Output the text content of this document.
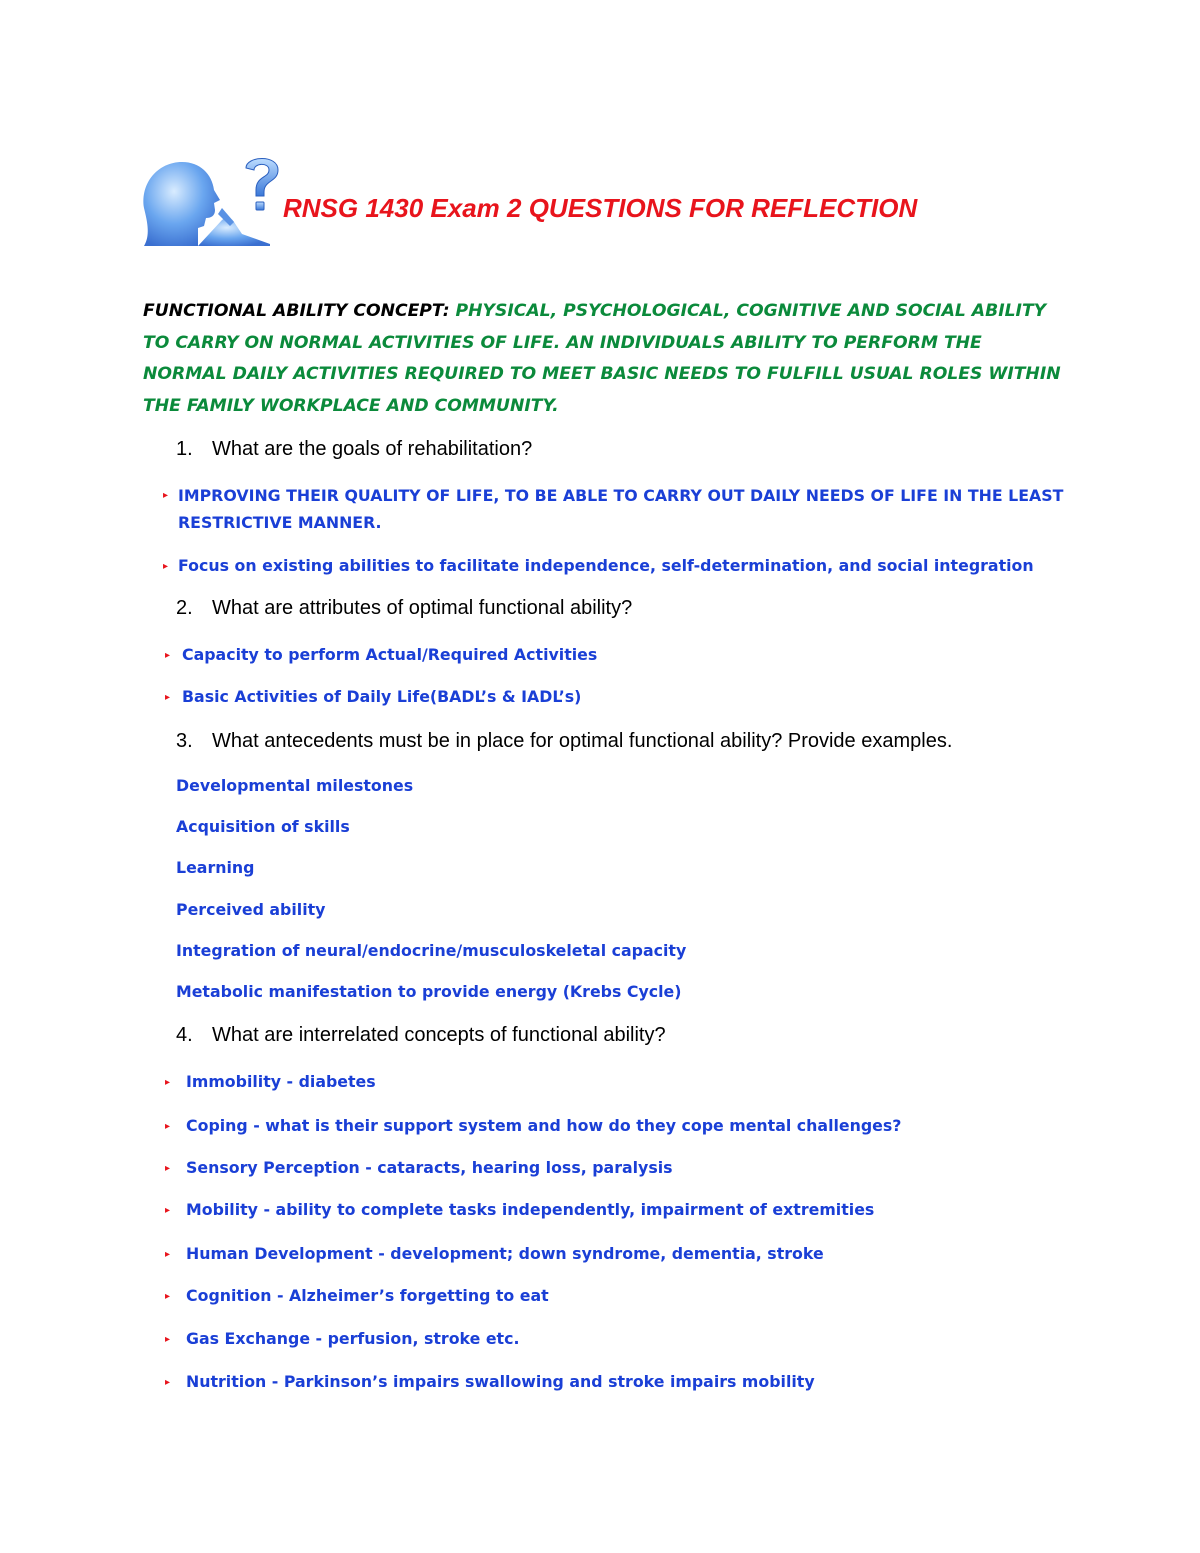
RNSG 1430 Exam 2 QUESTIONS FOR REFLECTION
FUNCTIONAL ABILITY CONCEPT: PHYSICAL, PSYCHOLOGICAL, COGNITIVE AND SOCIAL ABILITY TO CARRY ON NORMAL ACTIVITIES OF LIFE. AN INDIVIDUALS ABILITY TO PERFORM THE NORMAL DAILY ACTIVITIES REQUIRED TO MEET BASIC NEEDS TO FULFILL USUAL ROLES WITHIN THE FAMILY WORKPLACE AND COMMUNITY.
1. What are the goals of rehabilitation?
▸ IMPROVING THEIR QUALITY OF LIFE, TO BE ABLE TO CARRY OUT DAILY NEEDS OF LIFE IN THE LEAST RESTRICTIVE MANNER.
▸ Focus on existing abilities to facilitate independence, self-determination, and social integration
2. What are attributes of optimal functional ability?
▸ Capacity to perform Actual/Required Activities
▸ Basic Activities of Daily Life(BADL’s & IADL’s)
3. What antecedents must be in place for optimal functional ability? Provide examples.
Developmental milestones
Acquisition of skills
Learning
Perceived ability
Integration of neural/endocrine/musculoskeletal capacity
Metabolic manifestation to provide energy (Krebs Cycle)
4. What are interrelated concepts of functional ability?
▸ Immobility - diabetes
▸ Coping - what is their support system and how do they cope mental challenges?
▸ Sensory Perception - cataracts, hearing loss, paralysis
▸ Mobility - ability to complete tasks independently, impairment of extremities
▸ Human Development - development; down syndrome, dementia, stroke
▸ Cognition - Alzheimer’s forgetting to eat
▸ Gas Exchange - perfusion, stroke etc.
▸ Nutrition - Parkinson’s impairs swallowing and stroke impairs mobility
